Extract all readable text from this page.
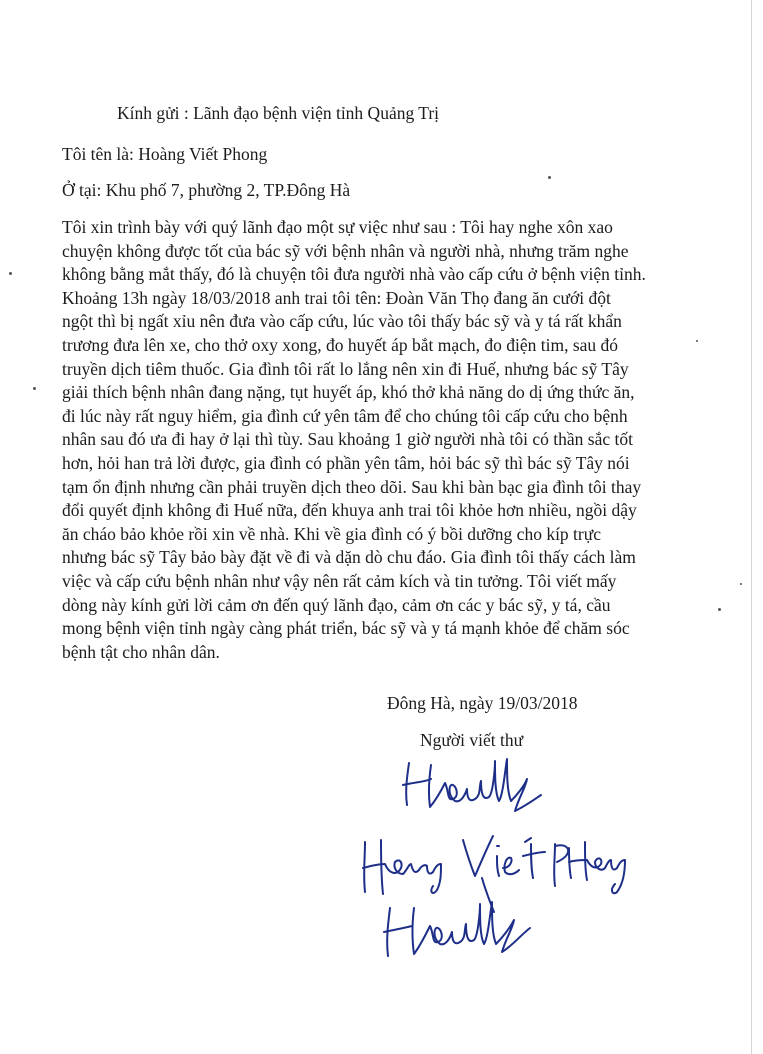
Kính gửi : Lãnh đạo bệnh viện tỉnh Quảng Trị
Tôi tên là: Hoàng Viết Phong
Ở tại: Khu phố 7, phường 2, TP.Đông Hà
Tôi xin trình bày với quý lãnh đạo một sự việc như sau : Tôi hay nghe xôn xao
chuyện không được tốt của bác sỹ với bệnh nhân và người nhà, nhưng trăm nghe
không bằng mắt thấy, đó là chuyện tôi đưa người nhà vào cấp cứu ở bệnh viện tỉnh.
Khoảng 13h ngày 18/03/2018 anh trai tôi tên: Đoàn Văn Thọ đang ăn cưới đột
ngột thì bị ngất xỉu nên đưa vào cấp cứu, lúc vào tôi thấy bác sỹ và y tá rất khẩn
trương đưa lên xe, cho thở oxy xong, đo huyết áp bắt mạch, đo điện tim, sau đó
truyền dịch tiêm thuốc. Gia đình tôi rất lo lắng nên xin đi Huế, nhưng bác sỹ Tây
giải thích bệnh nhân đang nặng, tụt huyết áp, khó thở khả năng do dị ứng thức ăn,
đi lúc này rất nguy hiểm, gia đình cứ yên tâm để cho chúng tôi cấp cứu cho bệnh
nhân sau đó ưa đi hay ở lại thì tùy. Sau khoảng 1 giờ người nhà tôi có thần sắc tốt
hơn, hỏi han trả lời được, gia đình có phần yên tâm, hỏi bác sỹ thì bác sỹ Tây nói
tạm ổn định nhưng cần phải truyền dịch theo dõi. Sau khi bàn bạc gia đình tôi thay
đổi quyết định không đi Huế nữa, đến khuya anh trai tôi khỏe hơn nhiều, ngồi dậy
ăn cháo bảo khỏe rồi xin về nhà. Khi về gia đình có ý bồi dưỡng cho kíp trực
nhưng bác sỹ Tây bảo bày đặt về đi và dặn dò chu đáo. Gia đình tôi thấy cách làm
việc và cấp cứu bệnh nhân như vậy nên rất cảm kích và tin tưởng. Tôi viết mấy
dòng này kính gửi lời cảm ơn đến quý lãnh đạo, cảm ơn các y bác sỹ, y tá, cầu
mong bệnh viện tỉnh ngày càng phát triển, bác sỹ và y tá mạnh khỏe để chăm sóc
bệnh tật cho nhân dân.
Đông Hà, ngày 19/03/2018
Người viết thư
